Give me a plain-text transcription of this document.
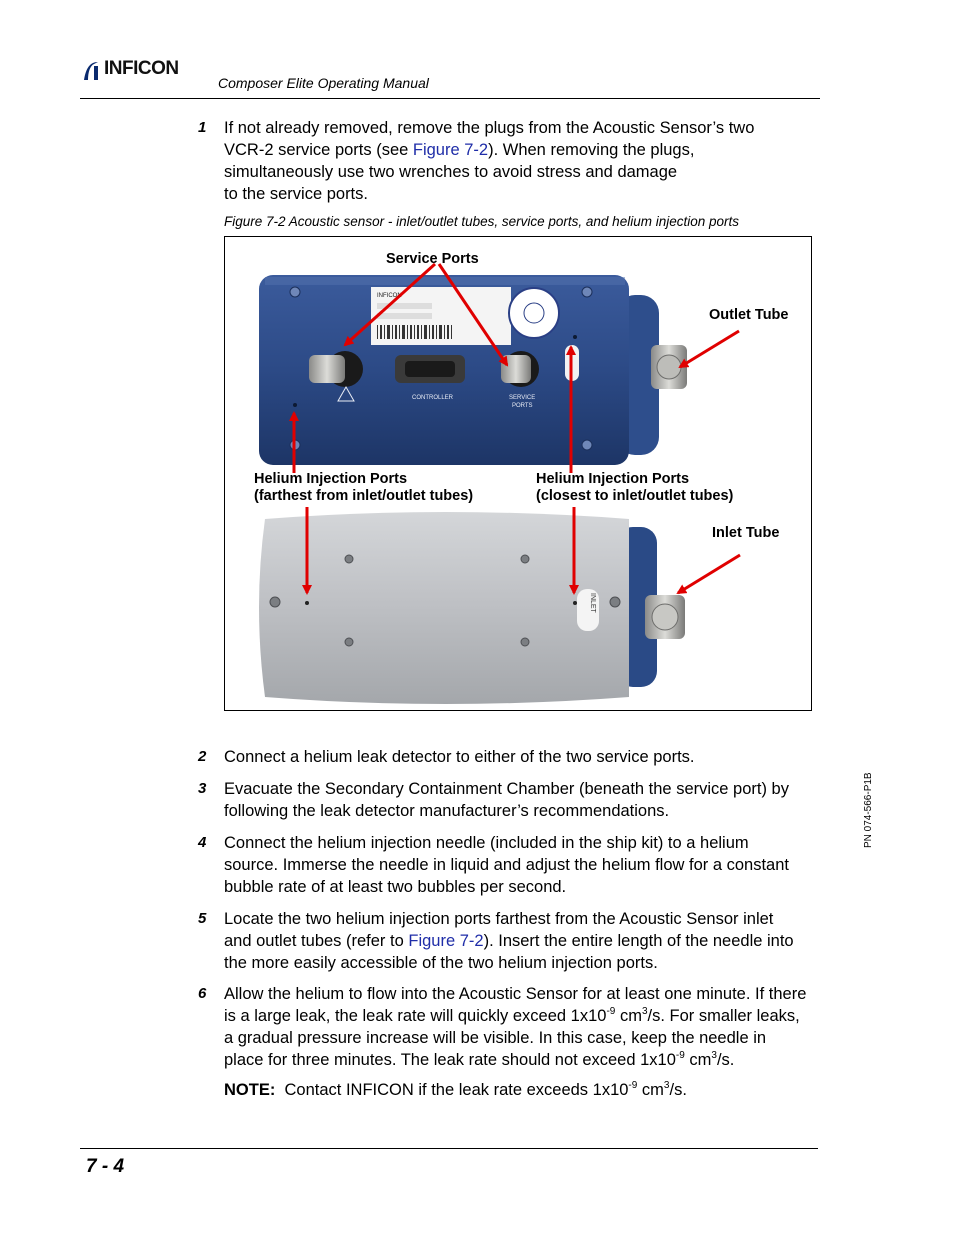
INFICON
Composer Elite Operating Manual
1 If not already removed, remove the plugs from the Acoustic Sensor’s two
VCR-2 service ports (see Figure 7-2). When removing the plugs,
simultaneously use two wrenches to avoid stress and damage
to the service ports.
Figure 7-2 Acoustic sensor - inlet/outlet tubes, service ports, and helium injection ports
INFICON
CONTROLLER	SERVICE
PORTS
INLET
Service Ports
Outlet Tube
Inlet Tube
Helium Injection Ports
(farthest from inlet/outlet tubes)
Helium Injection Ports
(closest to inlet/outlet tubes)
2 Connect a helium leak detector to either of the two service ports.
3 Evacuate the Secondary Containment Chamber (beneath the service port) by
following the leak detector manufacturer’s recommendations.
4 Connect the helium injection needle (included in the ship kit) to a helium
source. Immerse the needle in liquid and adjust the helium flow for a constant
bubble rate of at least two bubbles per second.
5 Locate the two helium injection ports farthest from the Acoustic Sensor inlet
and outlet tubes (refer to Figure 7-2). Insert the entire length of the needle into
the more easily accessible of the two helium injection ports.
6 Allow the helium to flow into the Acoustic Sensor for at least one minute. If there
is a large leak, the leak rate will quickly exceed $1x10^{-9}$ $cm^3/s$. For smaller leaks,
a gradual pressure increase will be visible. In this case, keep the needle in
place for three minutes. The leak rate should not exceed $1x10^{-9}$ $cm^3/s$.
NOTE: Contact INFICON if the leak rate exceeds $1x10^{-9}$ $cm^3/s$.
PN 074-566-P1B
7 - 4
